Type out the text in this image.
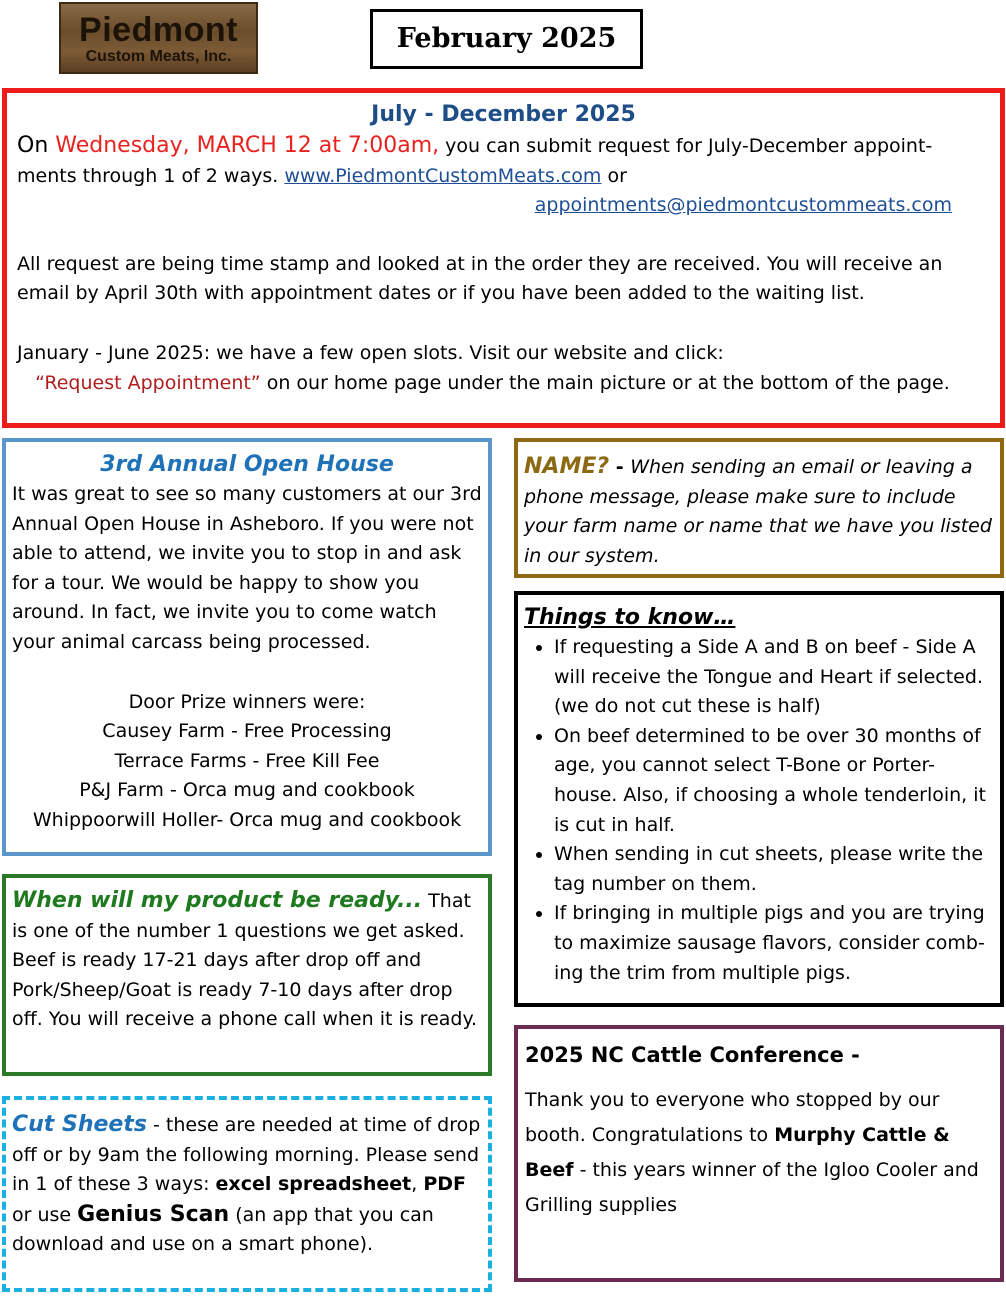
Piedmont
Custom Meats, Inc.
February 2025
July - December 2025
On Wednesday, MARCH 12 at 7:00am, you can submit request for July-December appoint-ments through 1 of 2 ways. www.PiedmontCustomMeats.com or
appointments@piedmontcustommeats.com
All request are being time stamp and looked at in the order they are received. You will receive an email by April 30th with appointment dates or if you have been added to the waiting list.
January - June 2025: we have a few open slots. Visit our website and click:
“Request Appointment” on our home page under the main picture or at the bottom of the page.
3rd Annual Open House
It was great to see so many customers at our 3rd Annual Open House in Asheboro. If you were not able to attend, we invite you to stop in and ask for a tour. We would be happy to show you around. In fact, we invite you to come watch your animal carcass being processed.
Door Prize winners were:
Causey Farm - Free Processing
Terrace Farms - Free Kill Fee
P&J Farm - Orca mug and cookbook
Whippoorwill Holler- Orca mug and cookbook
NAME? - When sending an email or leaving a phone message, please make sure to include your farm name or name that we have you listed in our system.
Things to know…
• If requesting a Side A and B on beef - Side A will receive the Tongue and Heart if selected. (we do not cut these is half)
• On beef determined to be over 30 months of age, you cannot select T-Bone or Porter-house. Also, if choosing a whole tenderloin, it is cut in half.
• When sending in cut sheets, please write the tag number on them.
• If bringing in multiple pigs and you are trying to maximize sausage flavors, consider comb-ing the trim from multiple pigs.
When will my product be ready... That is one of the number 1 questions we get asked. Beef is ready 17-21 days after drop off and Pork/Sheep/Goat is ready 7-10 days after drop off. You will receive a phone call when it is ready.
Cut Sheets - these are needed at time of drop off or by 9am the following morning. Please send in 1 of these 3 ways: excel spreadsheet, PDF or use Genius Scan (an app that you can download and use on a smart phone).
2025 NC Cattle Conference -
Thank you to everyone who stopped by our booth. Congratulations to Murphy Cattle & Beef - this years winner of the Igloo Cooler and Grilling supplies
